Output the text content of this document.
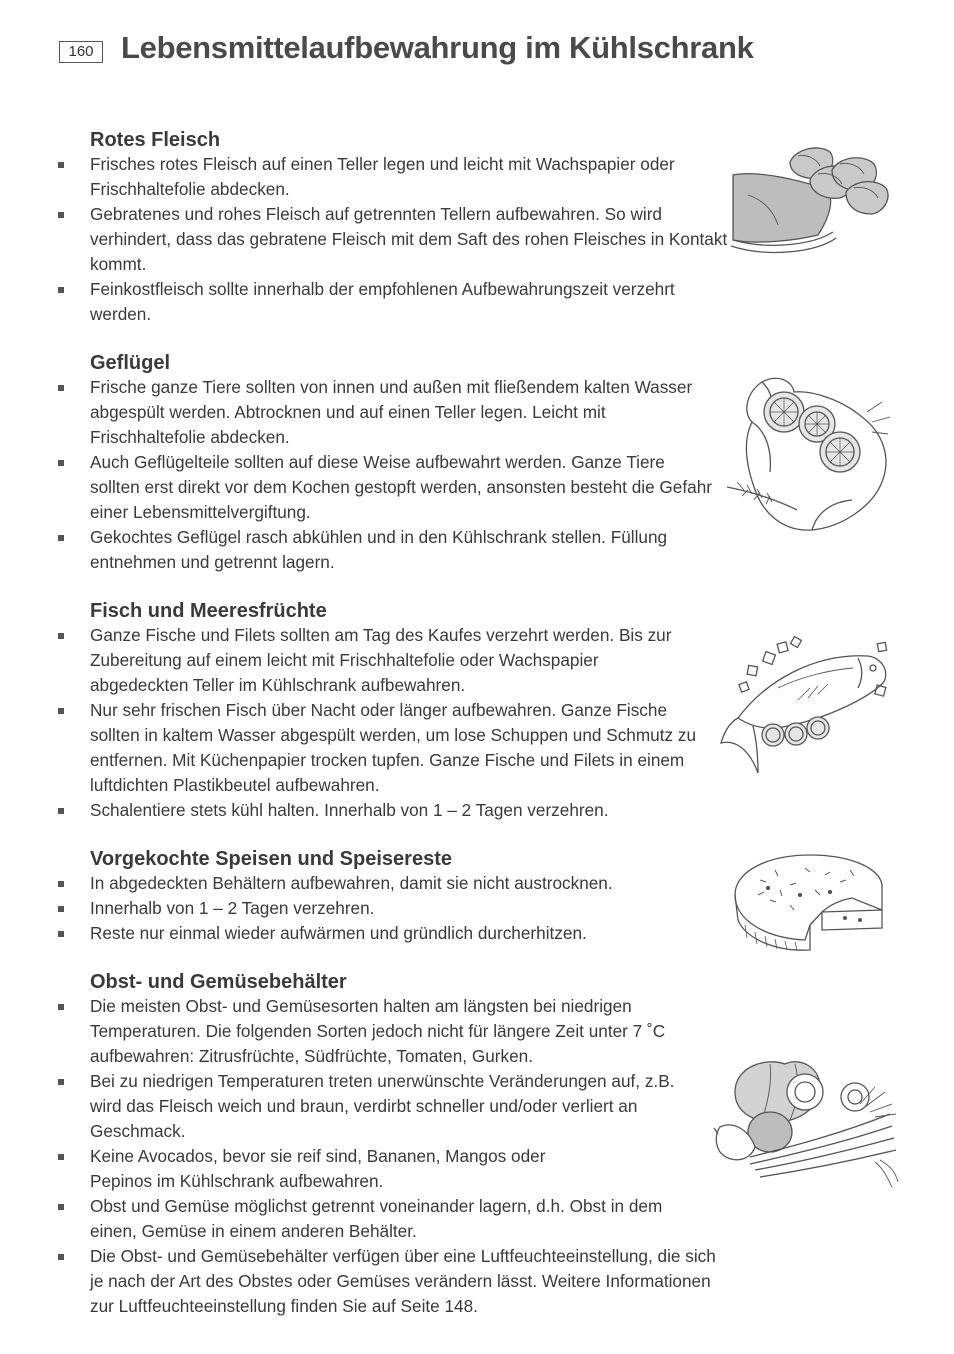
160 Lebensmittelaufbewahrung im Kühlschrank
Rotes Fleisch
Frisches rotes Fleisch auf einen Teller legen und leicht mit Wachspapier oder Frischhaltefolie abdecken.
Gebratenes und rohes Fleisch auf getrennten Tellern aufbewahren. So wird verhindert, dass das gebratene Fleisch mit dem Saft des rohen Fleisches in Kontakt kommt.
Feinkostfleisch sollte innerhalb der empfohlenen Aufbewahrungszeit verzehrt werden.
Geflügel
Frische ganze Tiere sollten von innen und außen mit fließendem kalten Wasser abgespült werden. Abtrocknen und auf einen Teller legen. Leicht mit Frischhaltefolie abdecken.
Auch Geflügelteile sollten auf diese Weise aufbewahrt werden. Ganze Tiere sollten erst direkt vor dem Kochen gestopft werden, ansonsten besteht die Gefahr einer Lebensmittelvergiftung.
Gekochtes Geflügel rasch abkühlen und in den Kühlschrank stellen. Füllung entnehmen und getrennt lagern.
Fisch und Meeresfrüchte
Ganze Fische und Filets sollten am Tag des Kaufes verzehrt werden. Bis zur Zubereitung auf einem leicht mit Frischhaltefolie oder Wachspapier abgedeckten Teller im Kühlschrank aufbewahren.
Nur sehr frischen Fisch über Nacht oder länger aufbewahren. Ganze Fische sollten in kaltem Wasser abgespült werden, um lose Schuppen und Schmutz zu entfernen. Mit Küchenpapier trocken tupfen. Ganze Fische und Filets in einem luftdichten Plastikbeutel aufbewahren.
Schalentiere stets kühl halten. Innerhalb von 1 – 2 Tagen verzehren.
Vorgekochte Speisen und Speisereste
In abgedeckten Behältern aufbewahren, damit sie nicht austrocknen.
Innerhalb von 1 – 2 Tagen verzehren.
Reste nur einmal wieder aufwärmen und gründlich durcherhitzen.
Obst- und Gemüsebehälter
Die meisten Obst- und Gemüsesorten halten am längsten bei niedrigen Temperaturen. Die folgenden Sorten jedoch nicht für längere Zeit unter 7 ˚C aufbewahren: Zitrusfrüchte, Südfrüchte, Tomaten, Gurken.
Bei zu niedrigen Temperaturen treten unerwünschte Veränderungen auf, z.B. wird das Fleisch weich und braun, verdirbt schneller und/oder verliert an Geschmack.
Keine Avocados, bevor sie reif sind, Bananen, Mangos oder Pepinos im Kühlschrank aufbewahren.
Obst und Gemüse möglichst getrennt voneinander lagern, d.h. Obst in dem einen, Gemüse in einem anderen Behälter.
Die Obst- und Gemüsebehälter verfügen über eine Luftfeuchteeinstellung, die sich je nach der Art des Obstes oder Gemüses verändern lässt. Weitere Informationen zur Luftfeuchteeinstellung finden Sie auf Seite 148.
